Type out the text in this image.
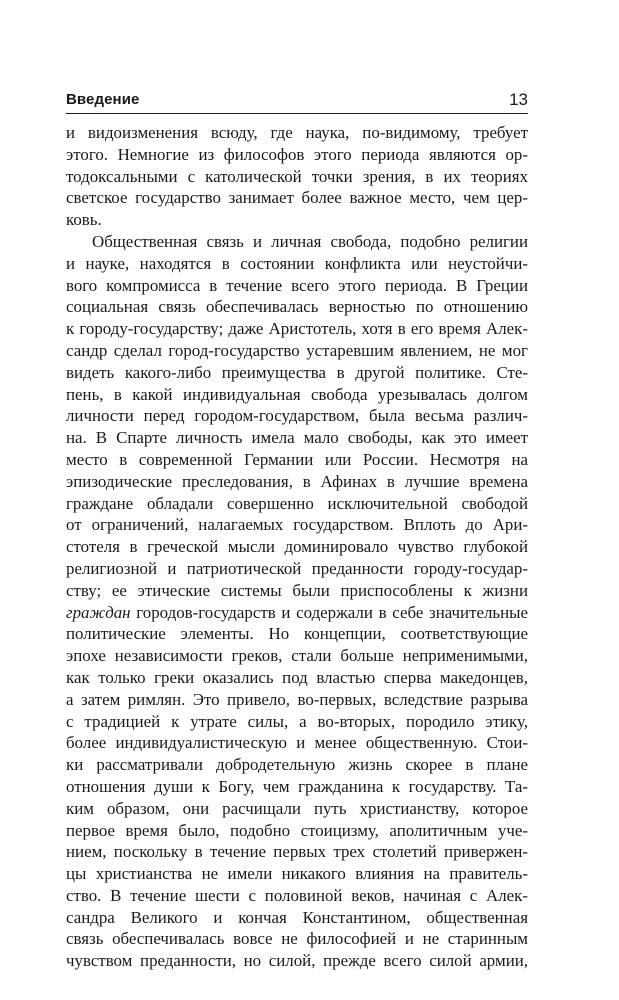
Введение	13
и видоизменения всюду, где наука, по-видимому, требует
этого. Немногие из философов этого периода являются ор-
тодоксальными с католической точки зрения, в их теориях
светское государство занимает более важное место, чем цер-
ковь.
Общественная связь и личная свобода, подобно религии
и науке, находятся в состоянии конфликта или неустойчи-
вого компромисса в течение всего этого периода. В Греции
социальная связь обеспечивалась верностью по отношению
к городу-государству; даже Аристотель, хотя в его время Алек-
сандр сделал город-государство устаревшим явлением, не мог
видеть какого-либо преимущества в другой политике. Сте-
пень, в какой индивидуальная свобода урезывалась долгом
личности перед городом-государством, была весьма различ-
на. В Спарте личность имела мало свободы, как это имеет
место в современной Германии или России. Несмотря на
эпизодические преследования, в Афинах в лучшие времена
граждане обладали совершенно исключительной свободой
от ограничений, налагаемых государством. Вплоть до Ари-
стотеля в греческой мысли доминировало чувство глубокой
религиозной и патриотической преданности городу-государ-
ству; ее этические системы были приспособлены к жизни
граждан городов-государств и содержали в себе значительные
политические элементы. Но концепции, соответствующие
эпохе независимости греков, стали больше неприменимыми,
как только греки оказались под властью сперва македонцев,
а затем римлян. Это привело, во-первых, вследствие разрыва
с традицией к утрате силы, а во-вторых, породило этику,
более индивидуалистическую и менее общественную. Стои-
ки рассматривали добродетельную жизнь скорее в плане
отношения души к Богу, чем гражданина к государству. Та-
ким образом, они расчищали путь христианству, которое
первое время было, подобно стоицизму, аполитичным уче-
нием, поскольку в течение первых трех столетий привержен-
цы христианства не имели никакого влияния на правитель-
ство. В течение шести с половиной веков, начиная с Алек-
сандра Великого и кончая Константином, общественная
связь обеспечивалась вовсе не философией и не старинным
чувством преданности, но силой, прежде всего силой армии,
